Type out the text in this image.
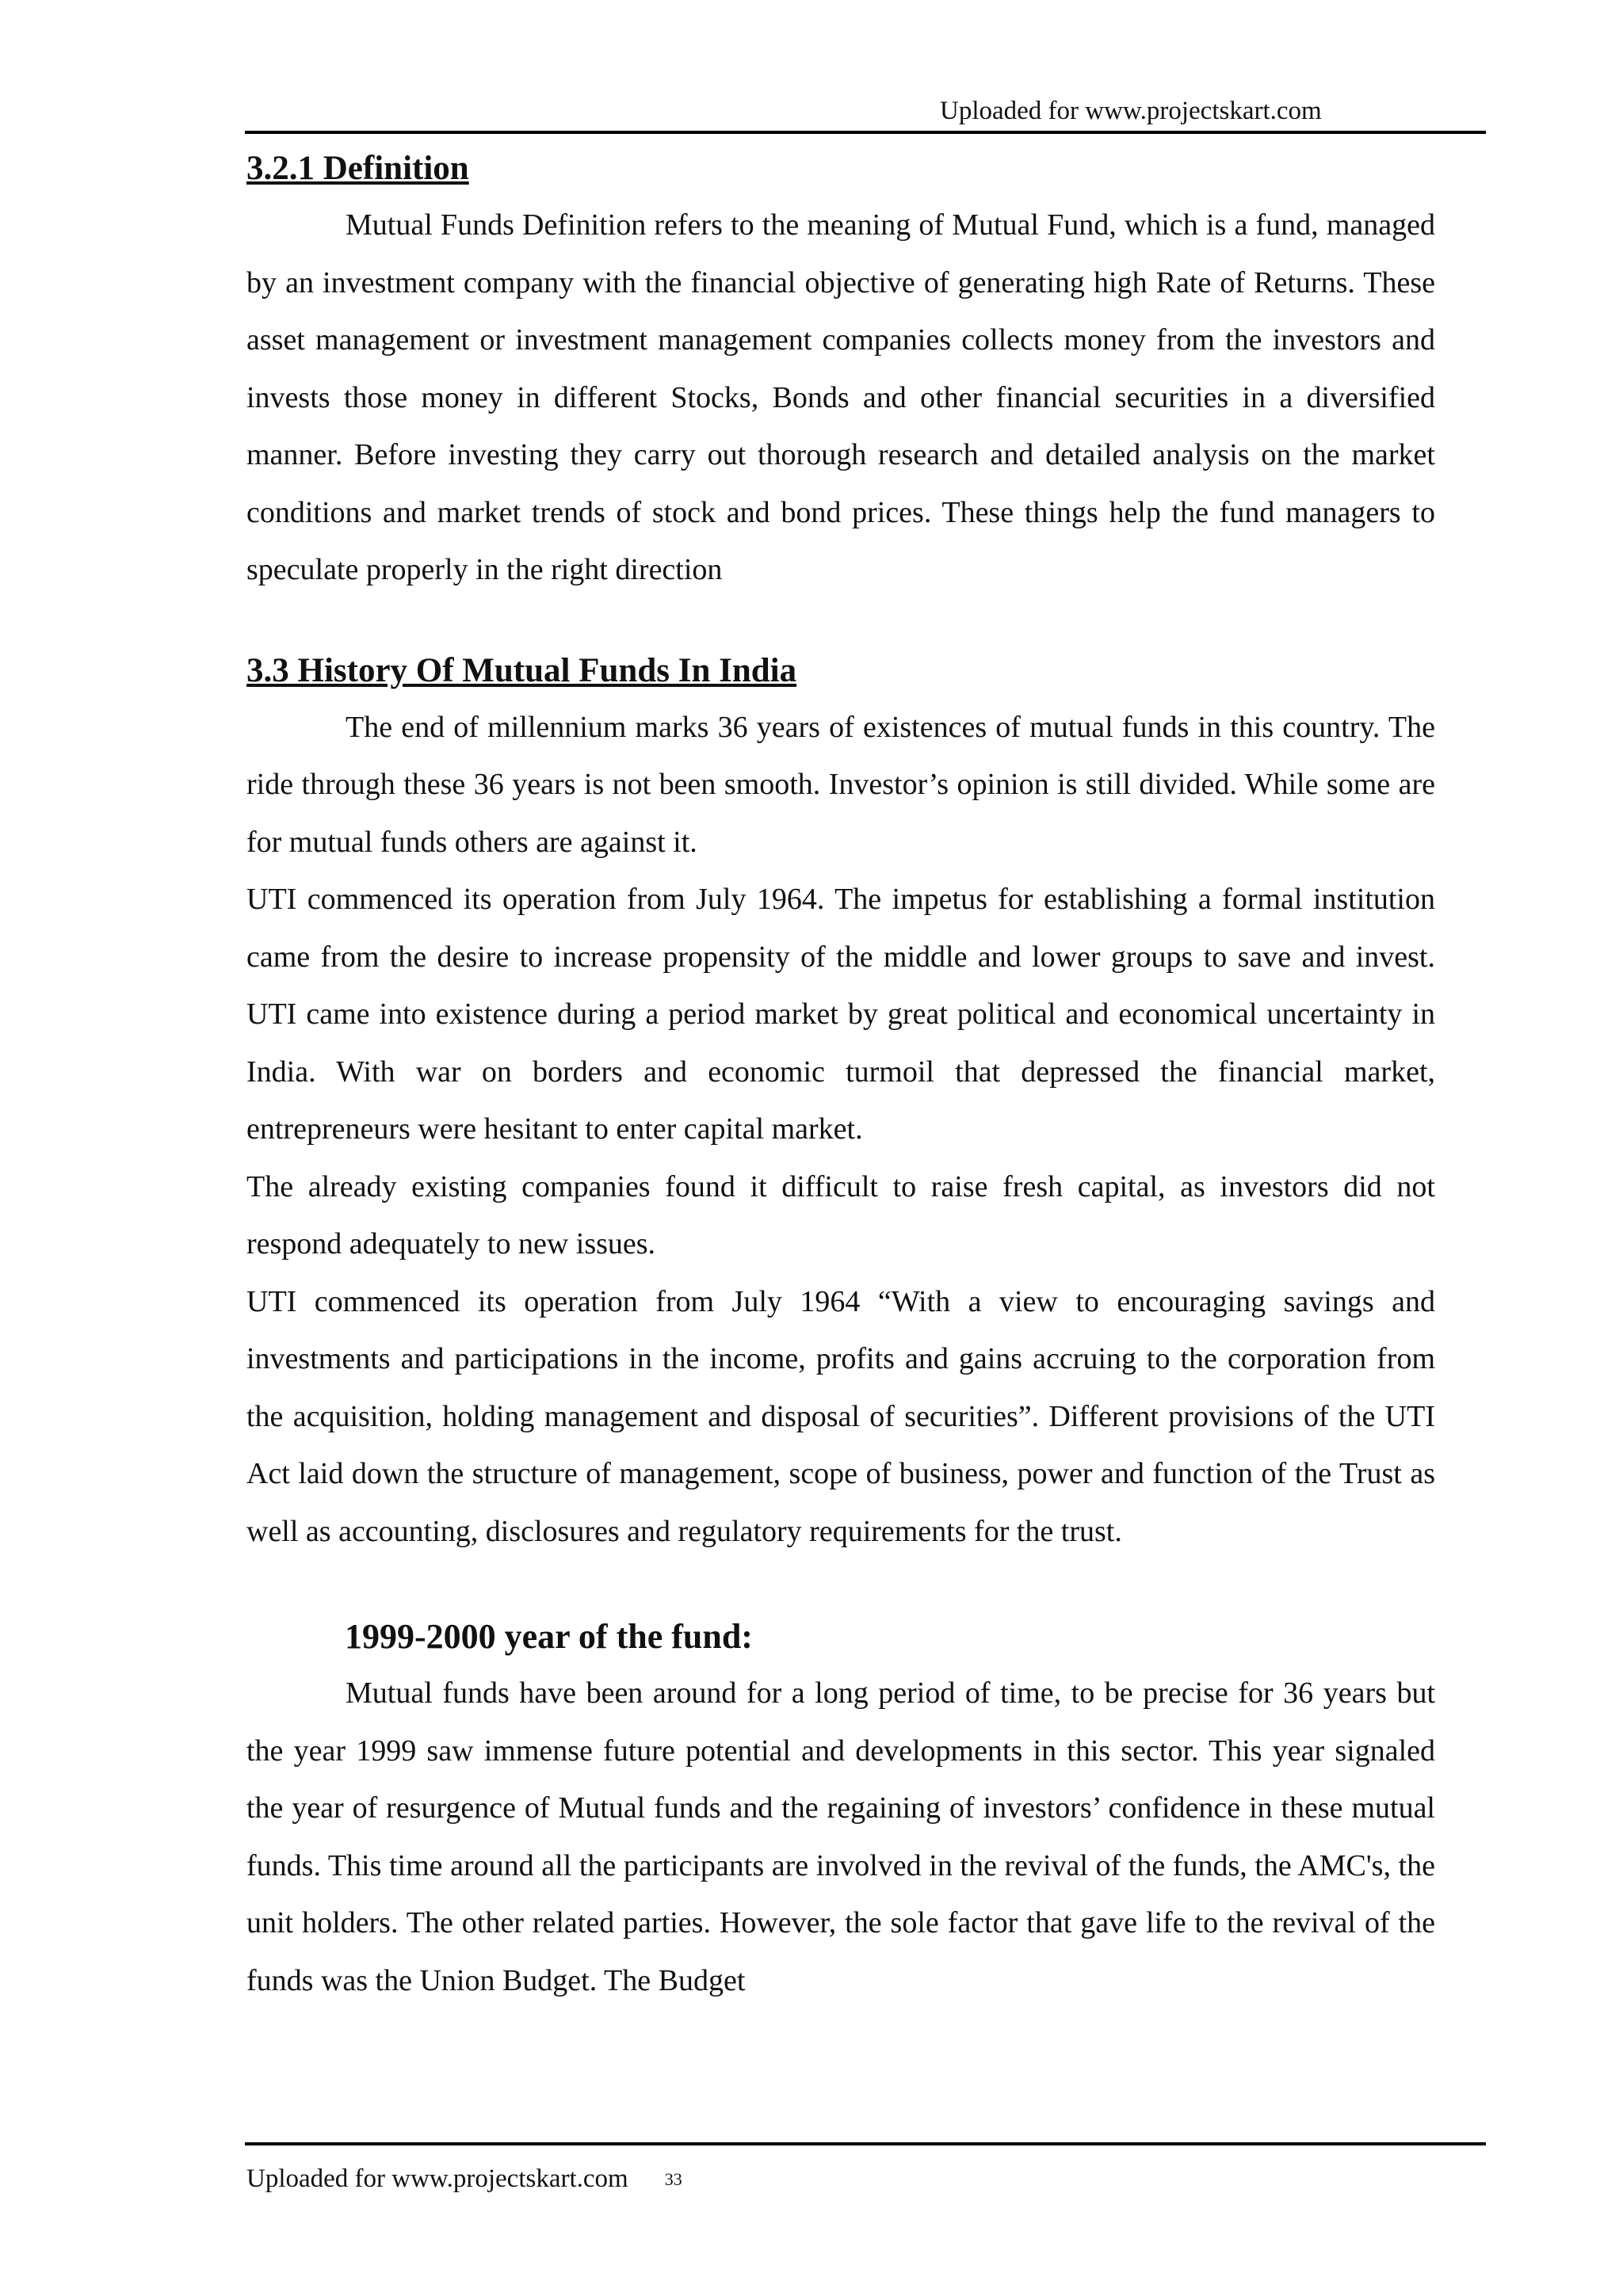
Uploaded for www.projectskart.com
3.2.1 Definition

Mutual Funds Definition refers to the meaning of Mutual Fund, which is a fund, managed by an investment company with the financial objective of generating high Rate of Returns. These asset management or investment management companies collects money from the investors and invests those money in different Stocks, Bonds and other financial securities in a diversified manner. Before investing they carry out thorough research and detailed analysis on the market conditions and market trends of stock and bond prices. These things help the fund managers to speculate properly in the right direction

3.3 History Of Mutual Funds In India

The end of millennium marks 36 years of existences of mutual funds in this country. The ride through these 36 years is not been smooth. Investor’s opinion is still divided. While some are for mutual funds others are against it.

UTI commenced its operation from July 1964. The impetus for establishing a formal institution came from the desire to increase propensity of the middle and lower groups to save and invest. UTI came into existence during a period market by great political and economical uncertainty in India. With war on borders and economic turmoil that depressed the financial market, entrepreneurs were hesitant to enter capital market.

The already existing companies found it difficult to raise fresh capital, as investors did not respond adequately to new issues.

UTI commenced its operation from July 1964 “With a view to encouraging savings and investments and participations in the income, profits and gains accruing to the corporation from the acquisition, holding management and disposal of securities”. Different provisions of the UTI Act laid down the structure of management, scope of business, power and function of the Trust as well as accounting, disclosures and regulatory requirements for the trust.

1999-2000 year of the fund:

Mutual funds have been around for a long period of time, to be precise for 36 years but the year 1999 saw immense future potential and developments in this sector. This year signaled the year of resurgence of Mutual funds and the regaining of investors’ confidence in these mutual funds. This time around all the participants are involved in the revival of the funds, the AMC's, the unit holders. The other related parties. However, the sole factor that gave life to the revival of the funds was the Union Budget. The Budget

Uploaded for www.projectskart.com 33
